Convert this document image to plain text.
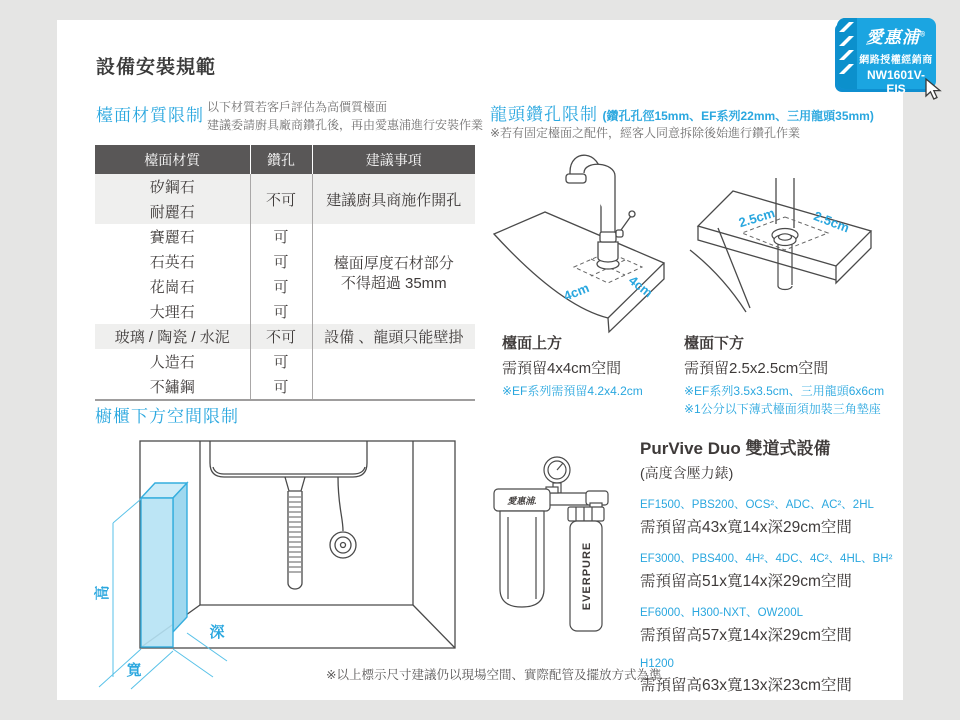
設備安裝規範
檯面材質限制 以下材質若客戶評估為高價質檯面
建議委請廚具廠商鑽孔後，再由愛惠浦進行安裝作業
檯面材質	鑽孔	建議事項
矽鋼石	不可	建議廚具商施作開孔
耐麗石		
賽麗石	可	檯面厚度石材部分
不得超過 35mm

石英石	可	
花崗石	可	
大理石	可	
玻璃 / 陶瓷 / 水泥	不可	設備 、龍頭只能壁掛
人造石	可	
不鏽鋼	可	
龍頭鑽孔限制 (鑽孔孔徑15mm、EF系列22mm、三用龍頭35mm)
※若有固定檯面之配件，經客人同意拆除後始進行鑽孔作業
4cm	4cm
2.5cm	2.5cm
檯面上方
需預留4x4cm空間
※EF系列需預留4.2x4.2cm
檯面下方
需預留2.5x2.5cm空間
※EF系列3.5x3.5cm、三用龍頭6x6cm
※1公分以下薄式檯面須加裝三角墊座
櫥櫃下方空間限制
高
寬
深
※以上標示尺寸建議仍以現場空間、實際配管及擺放方式為準
愛惠浦.
EVERPURE
PurVive Duo 雙道式設備
(高度含壓力錶)
EF1500、PBS200、OCS²、ADC、AC²、2HL
需預留高43x寬14x深29cm空間
EF3000、PBS400、4H²、4DC、4C²、4HL、BH²
需預留高51x寬14x深29cm空間
EF6000、H300-NXT、OW200L
需預留高57x寬14x深29cm空間
H1200
需預留高63x寬13x深23cm空間
愛惠浦®
網路授權經銷商
NW1601V-EIS
